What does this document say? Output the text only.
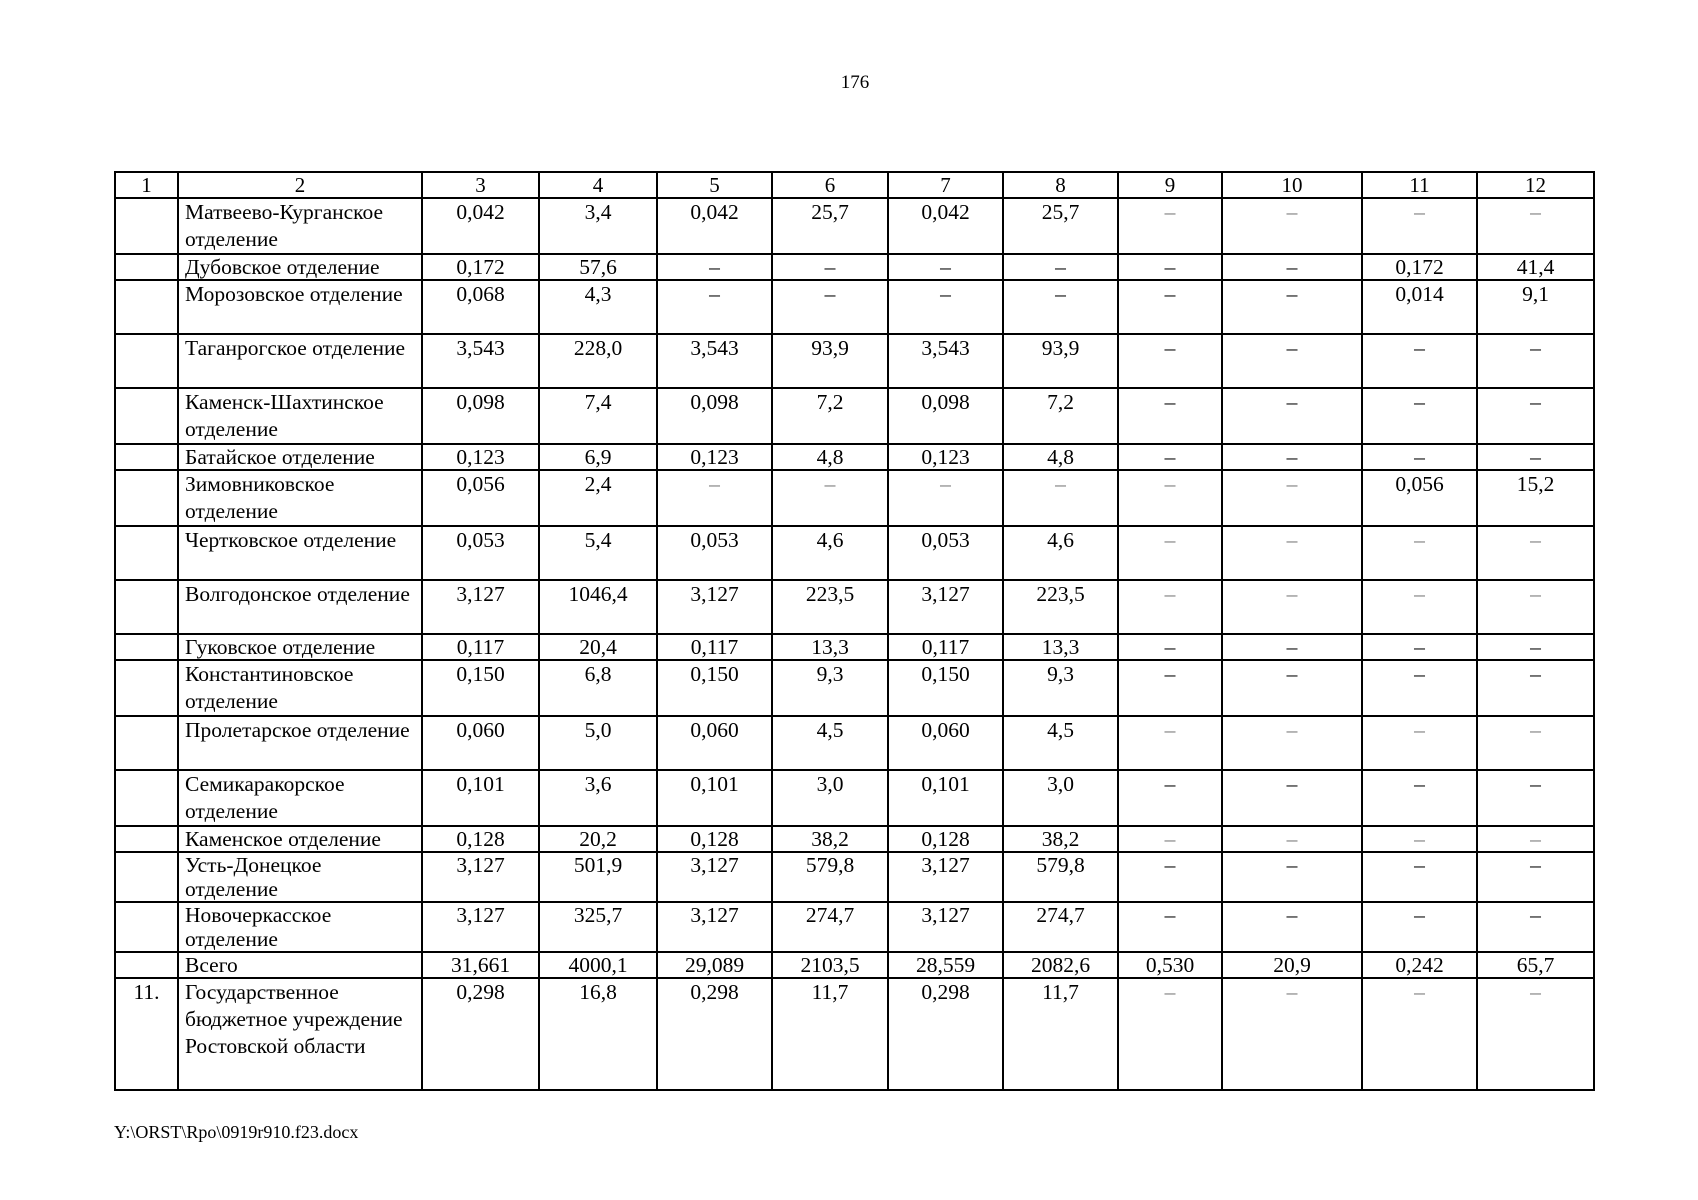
176
1	2	3	4	5	6	7	8	9	10	11	12
	Матвеево-Курганское отделение	0,042	3,4	0,042	25,7	0,042	25,7	–	–	–	–
	Дубовское отделение	0,172	57,6	–	–	–	–	–	–	0,172	41,4
	Морозовское отделение	0,068	4,3	–	–	–	–	–	–	0,014	9,1
	Таганрогское отделение	3,543	228,0	3,543	93,9	3,543	93,9	–	–	–	–
	Каменск-Шахтинское отделение	0,098	7,4	0,098	7,2	0,098	7,2	–	–	–	–
	Батайское отделение	0,123	6,9	0,123	4,8	0,123	4,8	–	–	–	–
	Зимовниковское отделение	0,056	2,4	–	–	–	–	–	–	0,056	15,2
	Чертковское отделение	0,053	5,4	0,053	4,6	0,053	4,6	–	–	–	–
	Волгодонское отделение	3,127	1046,4	3,127	223,5	3,127	223,5	–	–	–	–
	Гуковское отделение	0,117	20,4	0,117	13,3	0,117	13,3	–	–	–	–
	Константиновское отделение	0,150	6,8	0,150	9,3	0,150	9,3	–	–	–	–
	Пролетарское отделение	0,060	5,0	0,060	4,5	0,060	4,5	–	–	–	–
	Семикаракорское отделение	0,101	3,6	0,101	3,0	0,101	3,0	–	–	–	–
	Каменское отделение	0,128	20,2	0,128	38,2	0,128	38,2	–	–	–	–
	Усть-Донецкое отделение	3,127	501,9	3,127	579,8	3,127	579,8	–	–	–	–
	Новочеркасское отделение	3,127	325,7	3,127	274,7	3,127	274,7	–	–	–	–
	Всего	31,661	4000,1	29,089	2103,5	28,559	2082,6	0,530	20,9	0,242	65,7
11.	Государственное бюджетное учреждение Ростовской области	0,298	16,8	0,298	11,7	0,298	11,7	–	–	–	–
Y:\ORST\Rpo\0919r910.f23.docx
